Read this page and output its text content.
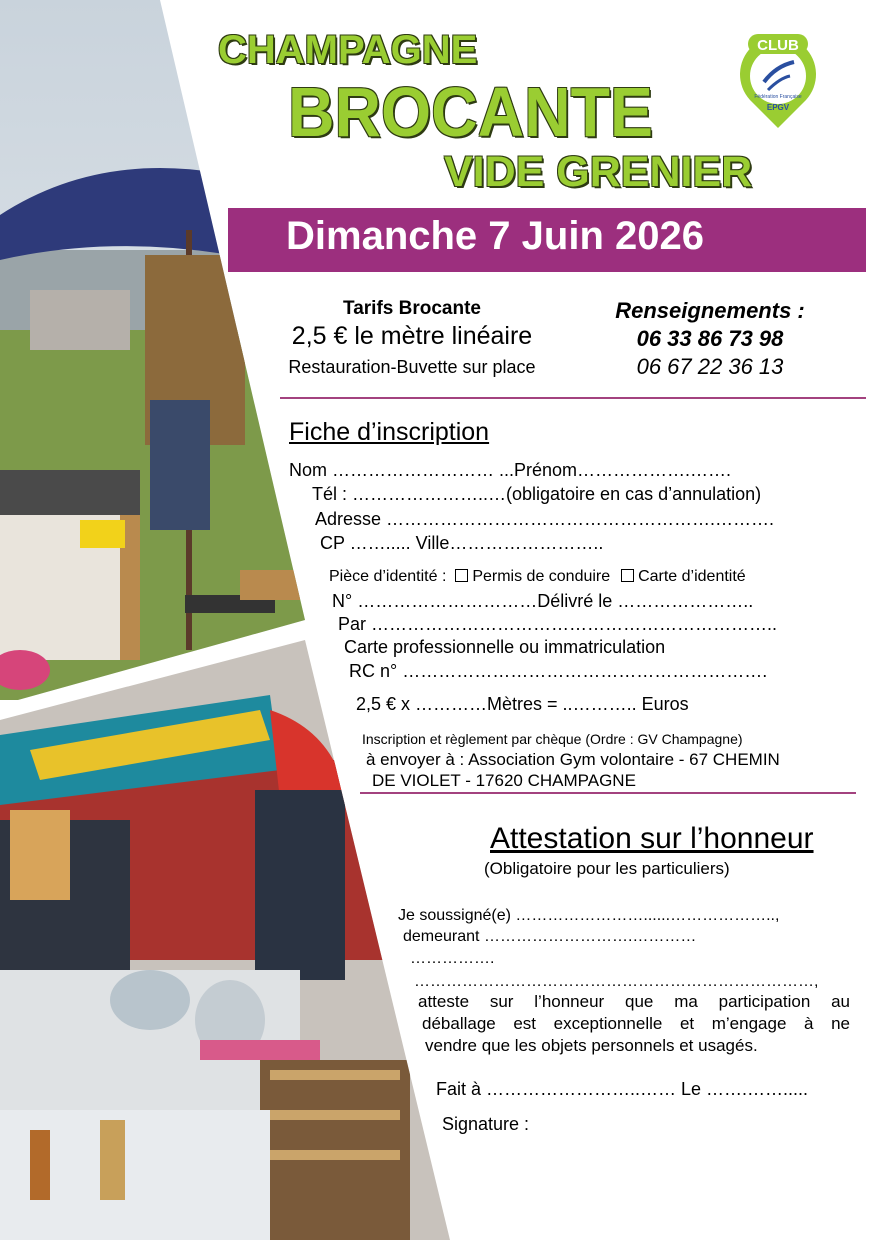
CHAMPAGNE
BROCANTE
VIDE GRENIER
CLUB
Fédération Française
EPGV
Dimanche 7 Juin 2026
Tarifs Brocante
2,5 € le mètre linéaire
Restauration-Buvette sur place
Renseignements :
06 33 86 73 98
06 67 22 36 13
Fiche d’inscription
Nom ……………………… ...Prénom……………….…….
Tél : …………………..…(obligatoire en cas d’annulation)
Adresse ……………………………………………….……….
CP ……..... Ville……………………..
Pièce d’identité : Permis de conduire Carte d’identité
N° …………………………Délivré le …………………..
Par …………………………………………………………..
Carte professionnelle ou immatriculation
RC n° …………………………………………………….
2,5 € x …………Mètres = ..……….. Euros
Inscription et règlement par chèque (Ordre : GV Champagne)
à envoyer à : Association Gym volontaire - 67 CHEMIN
DE VIOLET - 17620 CHAMPAGNE
Attestation sur l’honneur
(Obligatoire pour les particuliers)
Je soussigné(e) ……………………......………………..,
demeurant ……………………….…………
…………….
…………………………………………………………………,
atteste sur l’honneur que ma participation au
déballage est exceptionnelle et m’engage à ne
vendre que les objets personnels et usagés.
Fait à ……………………..…… Le …….…….....
Signature :
